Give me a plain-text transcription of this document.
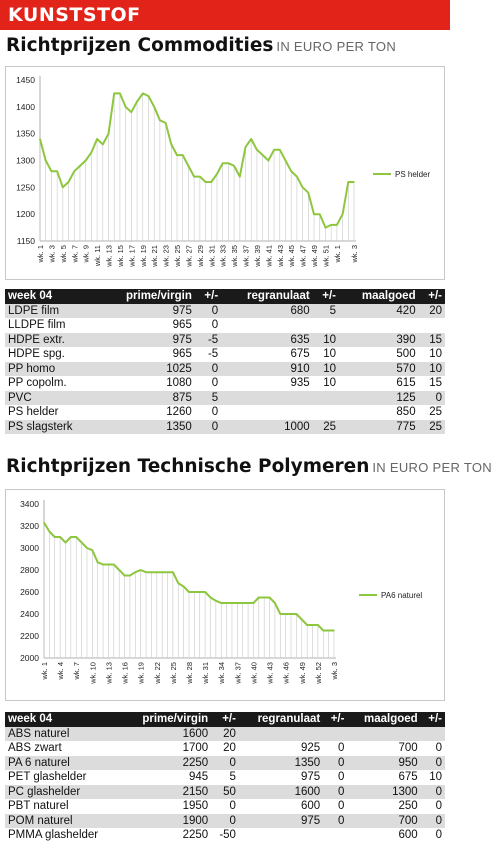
KUNSTSTOF
Richtprijzen Commodities IN EURO PER TON
1150
1200
1250
1300
1350
1400
1450
wk. 1 wk. 3 wk. 5 wk. 7 wk. 9 wk. 11 wk. 13 wk. 15 wk. 17 wk. 19 wk. 21 wk. 23 wk. 25 wk. 27 wk. 29 wk. 31 wk. 33 wk. 35 wk. 37 wk. 39 wk. 41 wk. 43 wk. 45 wk. 47 wk. 49 wk. 51 wk. 1 wk. 3
PS helder
week 04	prime/virgin	+/-	regranulaat	+/-	maalgoed	+/-
LDPE film	975	0	680	5	420	20
LLDPE film	965	0				
HDPE extr.	975	-5	635	10	390	15
HDPE spg.	965	-5	675	10	500	10
PP homo	1025	0	910	10	570	10
PP copolm.	1080	0	935	10	615	15
PVC	875	5			125	0
PS helder	1260	0			850	25
PS slagsterk	1350	0	1000	25	775	25
Richtprijzen Technische Polymeren IN EURO PER TON
2000
2200
2400
2600
2800
3000
3200
3400
wk. 1 wk. 4 wk. 7 wk. 10 wk. 13 wk. 16 wk. 19 wk. 22 wk. 25 wk. 28 wk. 31 wk. 34 wk. 37 wk. 40 wk. 43 wk. 46 wk. 49 wk. 52 wk. 3
PA6 naturel
week 04	prime/virgin	+/-	regranulaat	+/-	maalgoed	+/-
ABS naturel	1600	20				
ABS zwart	1700	20	925	0	700	0
PA 6 naturel	2250	0	1350	0	950	0
PET glashelder	945	5	975	0	675	10
PC glashelder	2150	50	1600	0	1300	0
PBT naturel	1950	0	600	0	250	0
POM naturel	1900	0	975	0	700	0
PMMA glashelder	2250	-50			600	0
